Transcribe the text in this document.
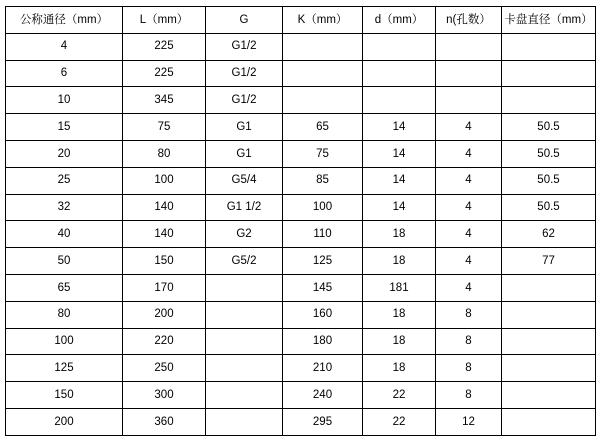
公称通径（mm）	L（mm）	G	K（mm）	d（mm）	n(孔数）	卡盘直径（mm）
4	225	G1/2				
6	225	G1/2				
10	345	G1/2				
15	75	G1	65	14	4	50.5
20	80	G1	75	14	4	50.5
25	100	G5/4	85	14	4	50.5
32	140	G1 1/2	100	14	4	50.5
40	140	G2	110	18	4	62
50	150	G5/2	125	18	4	77
65	170		145	181	4	
80	200		160	18	8	
100	220		180	18	8	
125	250		210	18	8	
150	300		240	22	8	
200	360		295	22	12	
